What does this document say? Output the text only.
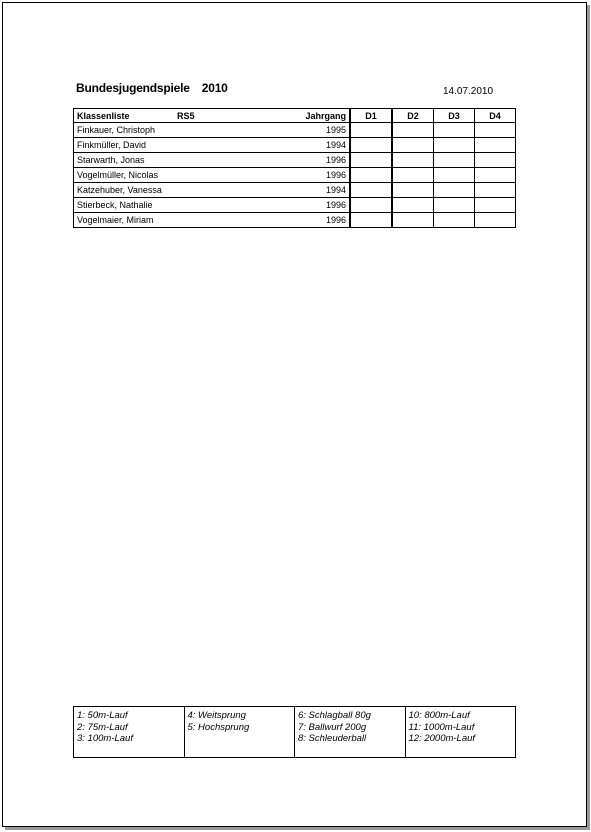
Bundesjugendspiele 2010	14.07.2010
Klassenliste RS5	Jahrgang	D1	D2	D3	D4
Finkauer, Christoph	1995				
Finkmüller, David	1994				
Starwarth, Jonas	1996				
Vogelmüller, Nicolas	1996				
Katzehuber, Vanessa	1994				
Stierbeck, Nathalie	1996				
Vogelmaier, Miriam	1996				
1: 50m-Lauf
2: 75m-Lauf
3: 100m-Lauf

4: Weitsprung
5: Hochsprung

6: Schlagball 80g
7: Ballwurf 200g
8: Schleuderball

10: 800m-Lauf
11: 1000m-Lauf
12: 2000m-Lauf
